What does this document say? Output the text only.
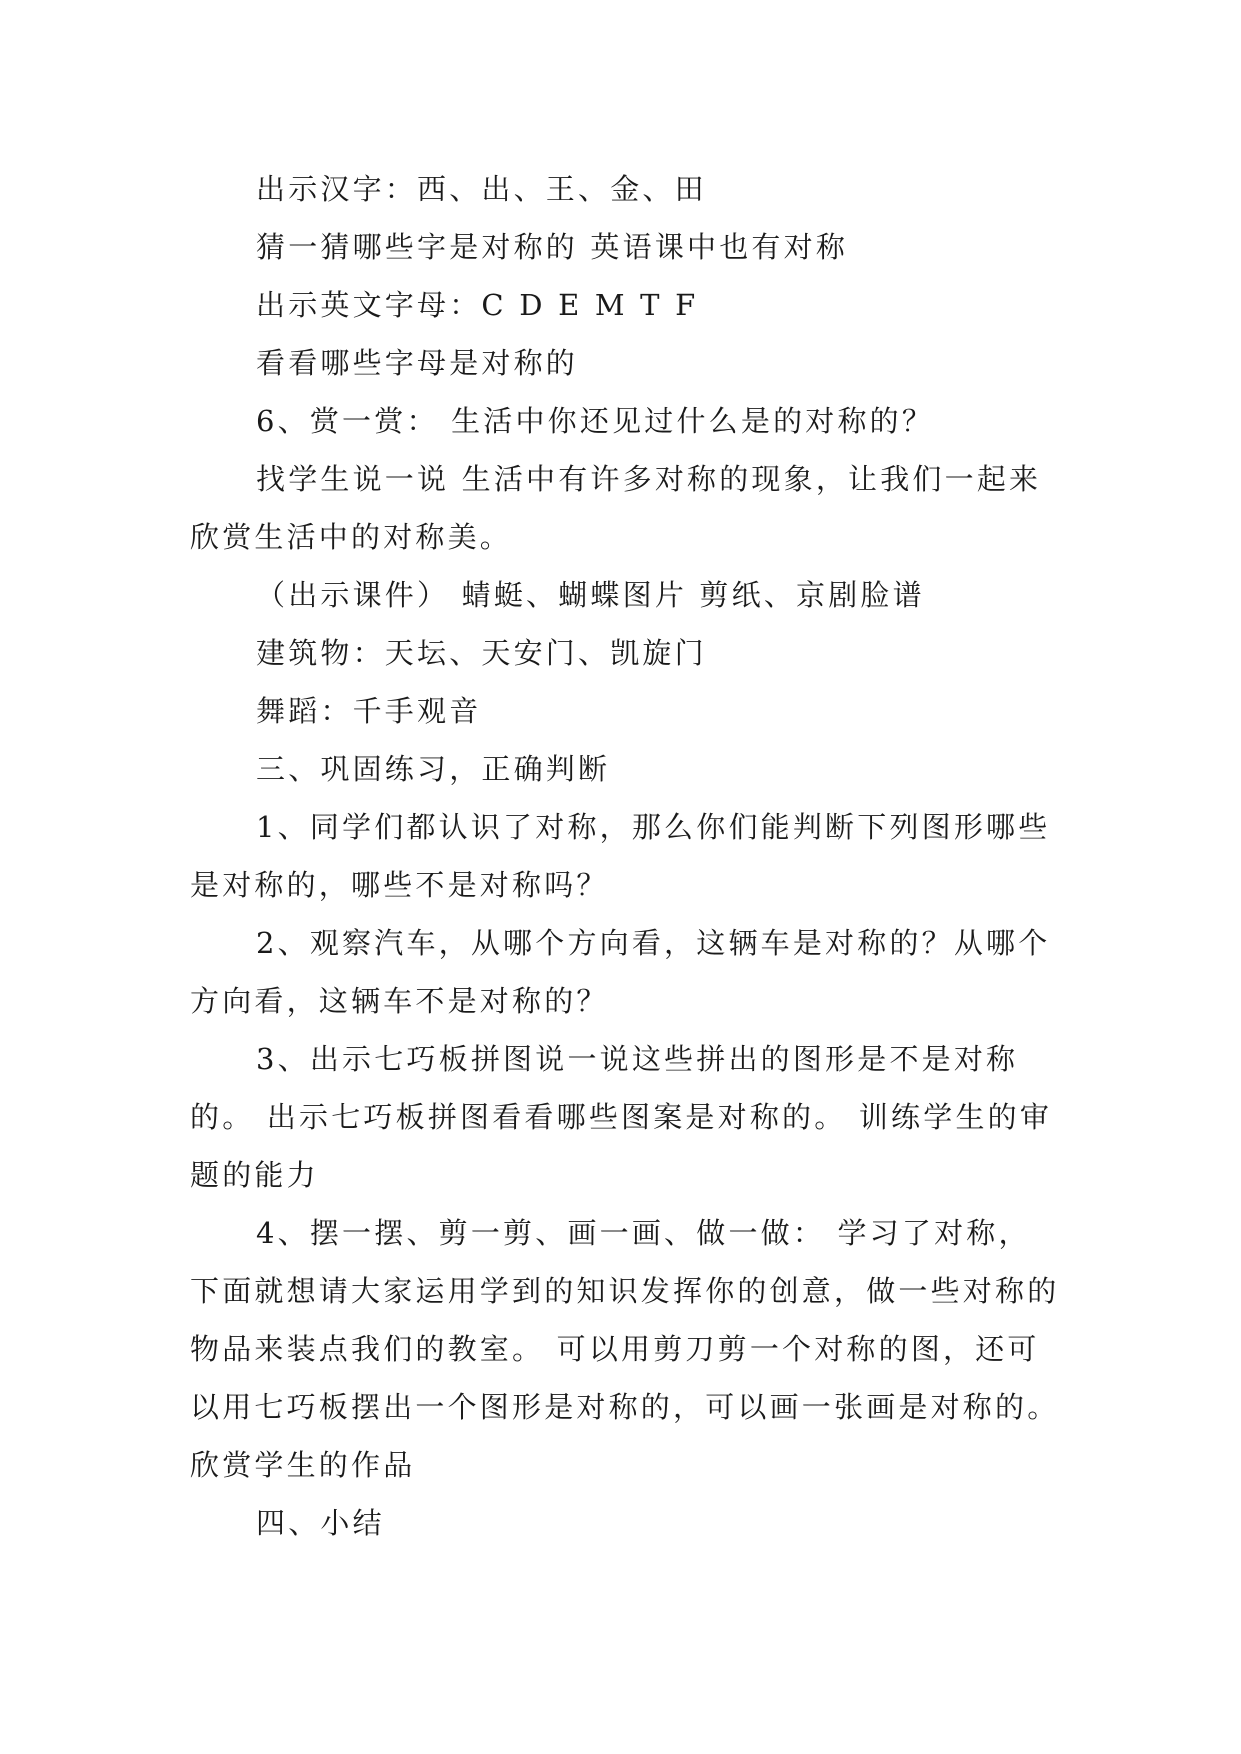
出示汉字：西、出、王、金、田

猜一猜哪些字是对称的 英语课中也有对称

出示英文字母：C D E M T F

看看哪些字母是对称的

6、赏一赏： 生活中你还见过什么是的对称的？

找学生说一说 生活中有许多对称的现象，让我们一起来欣赏生活中的对称美。

（出示课件） 蜻蜓、蝴蝶图片 剪纸、京剧脸谱

建筑物：天坛、天安门、凯旋门

舞蹈：千手观音

三、巩固练习，正确判断

1、同学们都认识了对称，那么你们能判断下列图形哪些是对称的，哪些不是对称吗？

2、观察汽车，从哪个方向看，这辆车是对称的？从哪个方向看，这辆车不是对称的？

3、出示七巧板拼图说一说这些拼出的图形是不是对称的。 出示七巧板拼图看看哪些图案是对称的。 训练学生的审题的能力

4、摆一摆、剪一剪、画一画、做一做： 学习了对称，下面就想请大家运用学到的知识发挥你的创意，做一些对称的物品来装点我们的教室。 可以用剪刀剪一个对称的图，还可以用七巧板摆出一个图形是对称的，可以画一张画是对称的。 欣赏学生的作品

四、小结
